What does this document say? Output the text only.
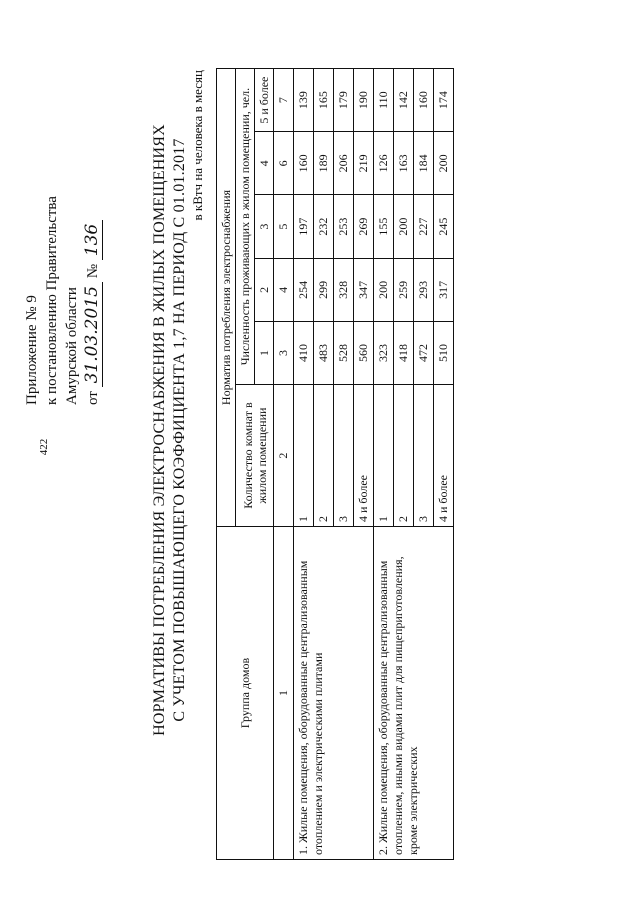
422
Приложение № 9 к постановлению Правительства Амурской области от 31.03.2015 № 136	НОРМАТИВЫ ПОТРЕБЛЕНИЯ ЭЛЕКТРОСНАБЖЕНИЯ В ЖИЛЫХ ПОМЕЩЕНИЯХ С УЧЕТОМ ПОВЫШАЮЩЕГО КОЭФФИЦИЕНТА 1,7 НА ПЕРИОД С 01.01.2017 в кВтч на человека в месяц
Группа домов	Норматив потребления электроснабжения					
	Количество комнат в жилом помещении	Численность проживающих в жилом помещении, чел.				
		1	2	3	4	5 и более
1	2	3	4	5	6	7
1. Жилые помещения, оборудованные централизованным отоплением и электрическими плитами	1	410	254	197	160	139
	2	483	299	232	189	165
	3	528	328	253	206	179
	4 и более	560	347	269	219	190
2. Жилые помещения, оборудованные централизованным отоплением, иными видами плит для пищеприготовления, кроме электрических	1	323	200	155	126	110
	2	418	259	200	163	142
	3	472	293	227	184	160
	4 и более	510	317	245	200	174
